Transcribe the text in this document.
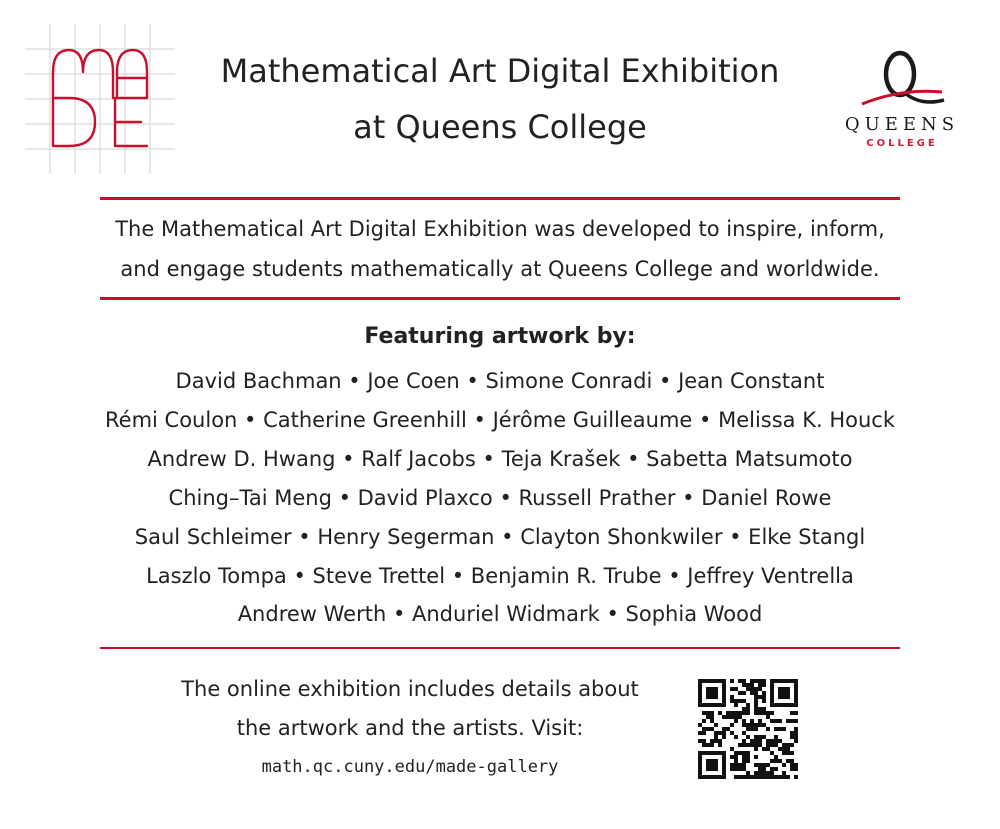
QUEENS
COLLEGE
Mathematical Art Digital Exhibition
at Queens College
The Mathematical Art Digital Exhibition was developed to inspire, inform,
and engage students mathematically at Queens College and worldwide.
Featuring artwork by:
David Bachman • Joe Coen • Simone Conradi • Jean Constant
Rémi Coulon • Catherine Greenhill • Jérôme Guilleaume • Melissa K. Houck
Andrew D. Hwang • Ralf Jacobs • Teja Krašek • Sabetta Matsumoto
Ching–Tai Meng • David Plaxco • Russell Prather • Daniel Rowe
Saul Schleimer • Henry Segerman • Clayton Shonkwiler • Elke Stangl
Laszlo Tompa • Steve Trettel • Benjamin R. Trube • Jeffrey Ventrella
Andrew Werth • Anduriel Widmark • Sophia Wood
The online exhibition includes details about
the artwork and the artists. Visit:
math.qc.cuny.edu/made-gallery
